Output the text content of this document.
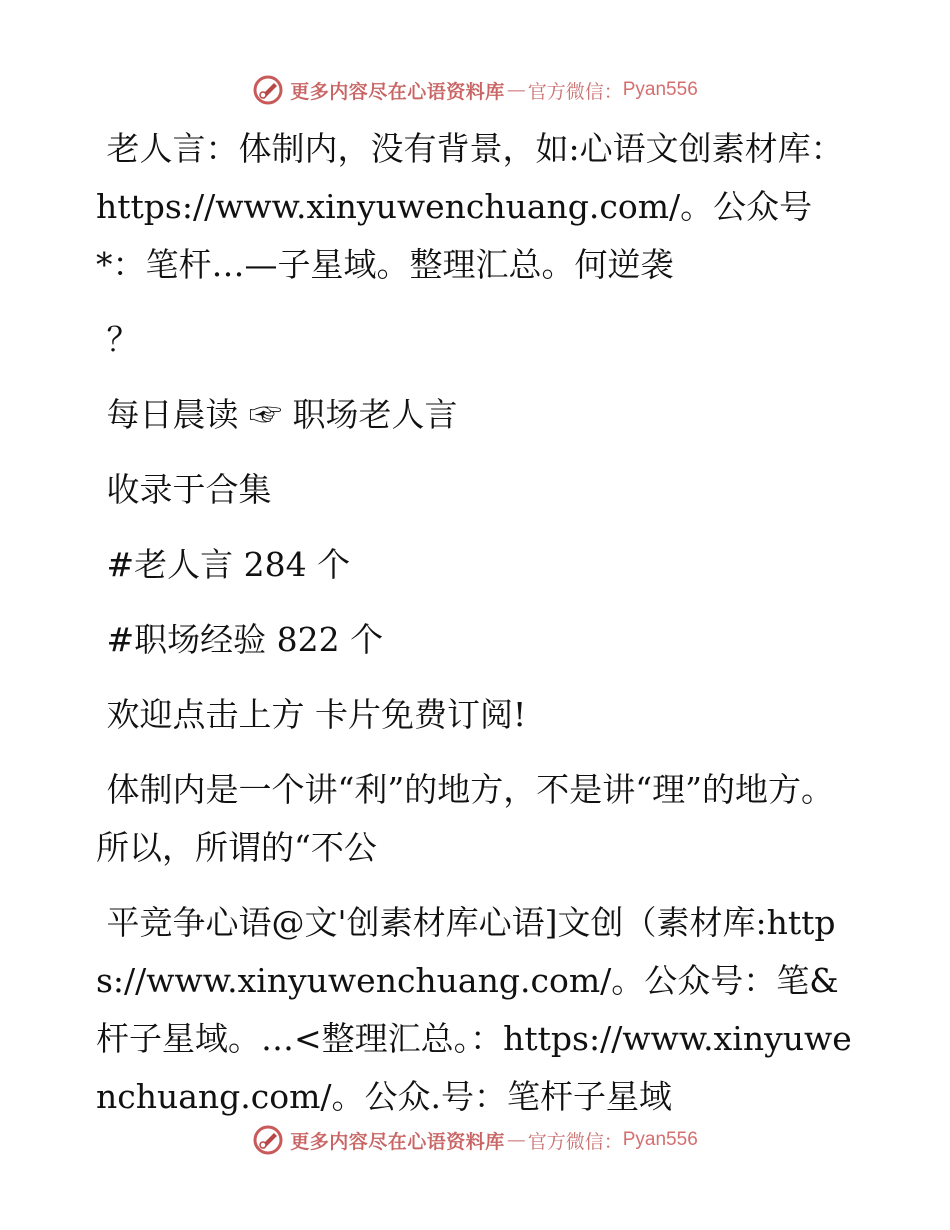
更多内容尽在心语资料库 — 官方微信： Pyan556

老人言：体制内，没有背景，如:心语文创素材库：https://www.xinyuwenchuang.com/。公众号*：笔杆…—子星域。整理汇总。何逆袭

？

每日晨读 ☞ 职场老人言

收录于合集

#老人言 284 个

#职场经验 822 个

欢迎点击上方 卡片免费订阅!

体制内是一个讲“利”的地方，不是讲“理”的地方。所以，所谓的“不公

平竞争心语@文'创素材库心语]文创（素材库:https://www.xinyuwenchuang.com/。公众号：笔&杆子星域。…<整理汇总。：https://www.xinyuwenchuang.com/。公众.号：笔杆子星域

更多内容尽在心语资料库 — 官方微信： Pyan556
